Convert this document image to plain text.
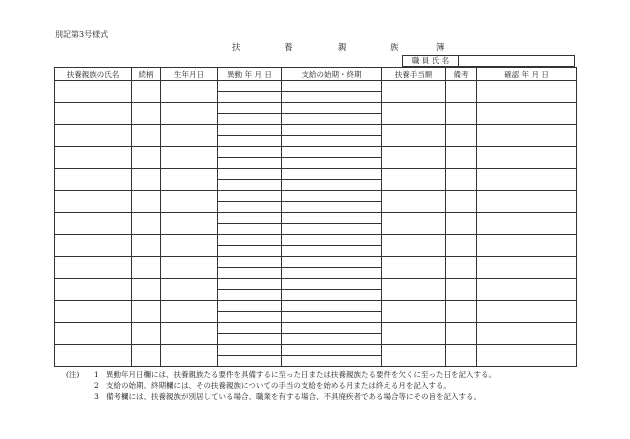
別記第3号様式
扶	養	親	族	簿
職 員 氏 名
扶養親族の氏名	続柄	生年月日	異動 年 月 日	支給の始期・終期	扶養手当額	備考	確認 年 月 日

(注) 1 異動年月日欄には、扶養親族たる要件を具備するに至った日または扶養親族たる要件を欠くに至った日を記入する。
2 支給の始期、終期欄には、その扶養親族についての手当の支給を始める月または終える月を記入する。
3 備考欄には、扶養親族が別居している場合、職業を有する場合、不具廃疾者である場合等にその旨を記入する。
